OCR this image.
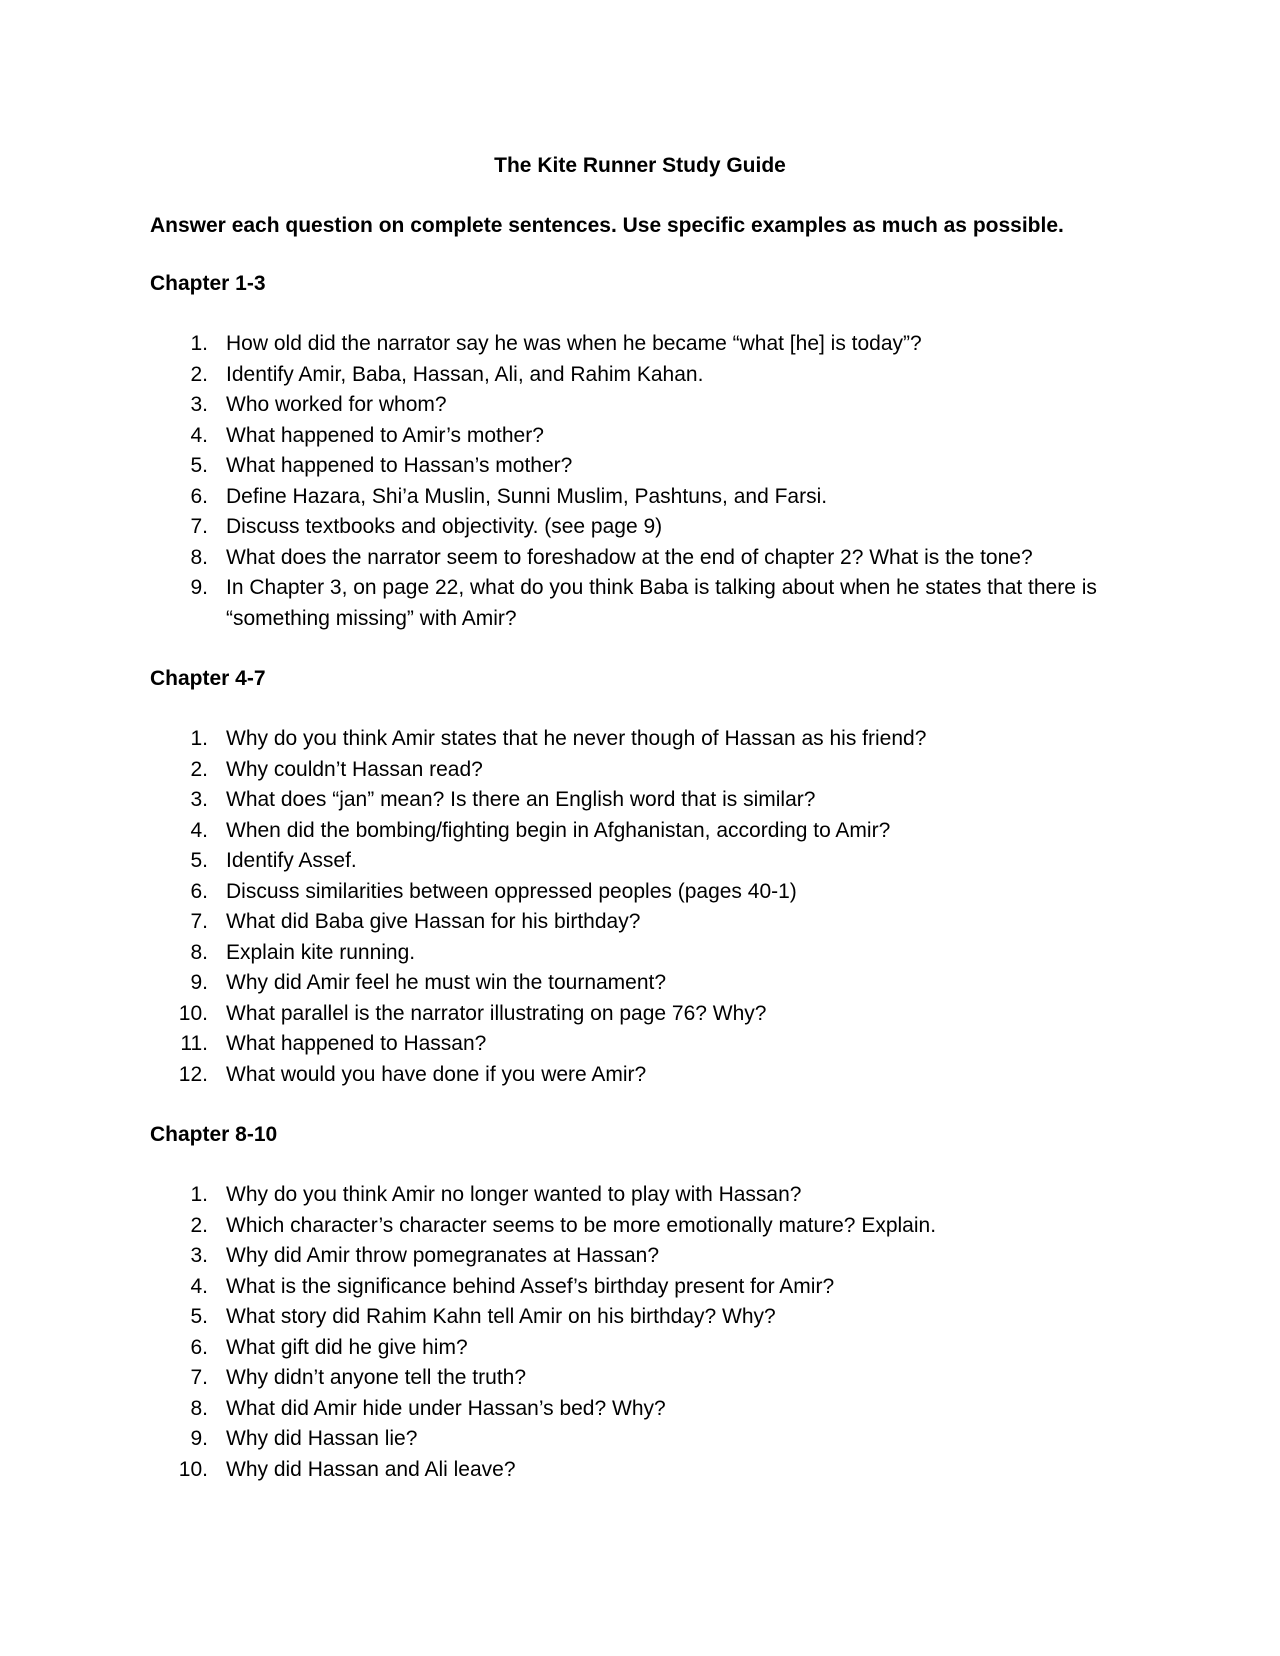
The Kite Runner Study Guide
Answer each question on complete sentences. Use specific examples as much as possible.
Chapter 1-3
1. How old did the narrator say he was when he became “what [he] is today”?
2. Identify Amir, Baba, Hassan, Ali, and Rahim Kahan.
3. Who worked for whom?
4. What happened to Amir’s mother?
5. What happened to Hassan’s mother?
6. Define Hazara, Shi’a Muslin, Sunni Muslim, Pashtuns, and Farsi.
7. Discuss textbooks and objectivity. (see page 9)
8. What does the narrator seem to foreshadow at the end of chapter 2? What is the tone?
9. In Chapter 3, on page 22, what do you think Baba is talking about when he states that there is “something missing” with Amir?
Chapter 4-7
1. Why do you think Amir states that he never though of Hassan as his friend?
2. Why couldn’t Hassan read?
3. What does “jan” mean? Is there an English word that is similar?
4. When did the bombing/fighting begin in Afghanistan, according to Amir?
5. Identify Assef.
6. Discuss similarities between oppressed peoples (pages 40-1)
7. What did Baba give Hassan for his birthday?
8. Explain kite running.
9. Why did Amir feel he must win the tournament?
10. What parallel is the narrator illustrating on page 76? Why?
11. What happened to Hassan?
12. What would you have done if you were Amir?
Chapter 8-10
1. Why do you think Amir no longer wanted to play with Hassan?
2. Which character’s character seems to be more emotionally mature? Explain.
3. Why did Amir throw pomegranates at Hassan?
4. What is the significance behind Assef’s birthday present for Amir?
5. What story did Rahim Kahn tell Amir on his birthday? Why?
6. What gift did he give him?
7. Why didn’t anyone tell the truth?
8. What did Amir hide under Hassan’s bed? Why?
9. Why did Hassan lie?
10. Why did Hassan and Ali leave?
